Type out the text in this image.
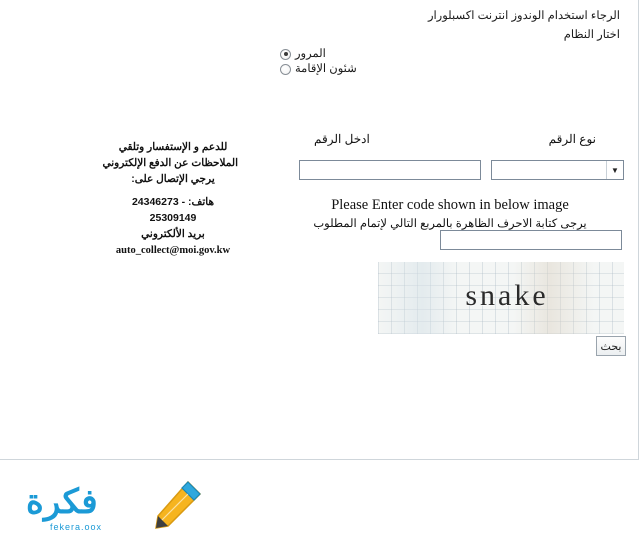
الرجاء استخدام الوندوز انترنت اكسبلورار

اختار النظام

المرور
شئون الإقامة
نوع الرقم
ادخل الرقم
▼
Please Enter code shown in below image
يرجى كتابة الاحرف الظاهرة بالمربع التالي لإتمام المطلوب
snake
بحث
للدعم و الإستفسار وتلقي
الملاحظات عن الدفع الإلكتروني
يرجي الإتصال على:
هاتف: 24346273 -
25309149
بريد الألكتروني
auto_collect@moi.gov.kw
فكرة
fekera.oox
